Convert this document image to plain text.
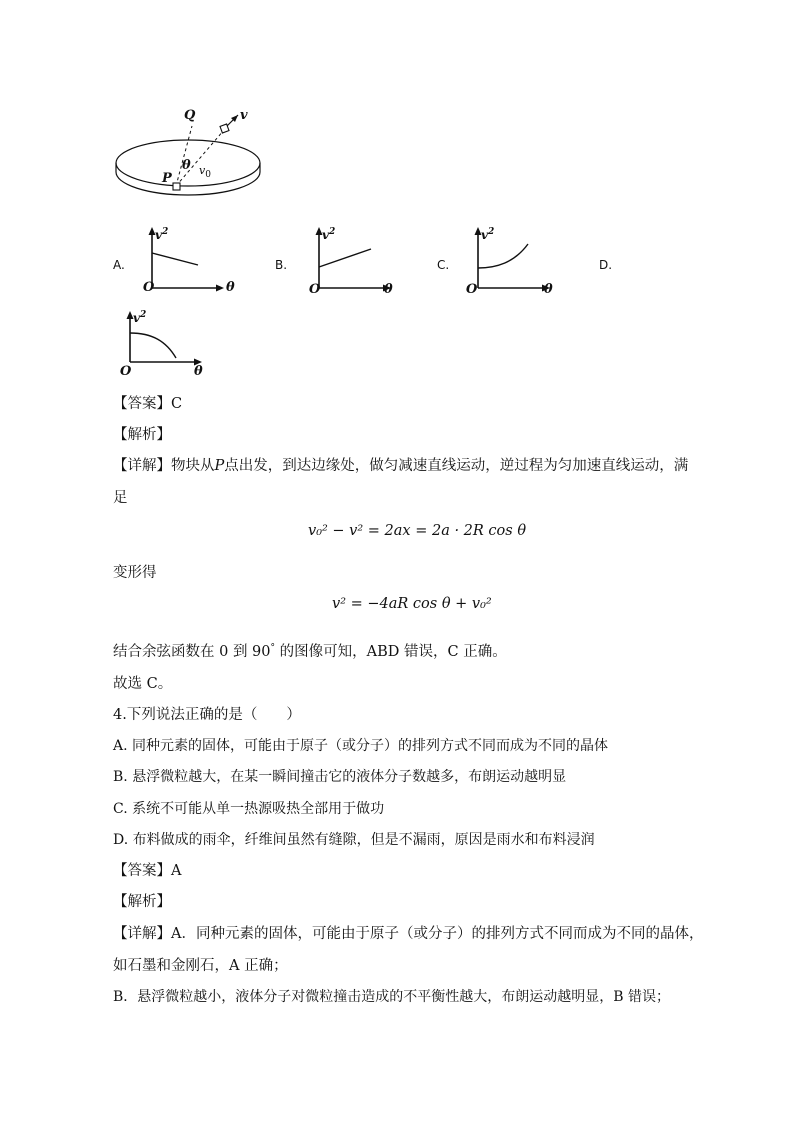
Q	v
θ $v_0$
P
A.
$v^2$
O	θ
B.
$v^2$
O	θ
C.
$v^2$
O	θ
D.
$v^2$
O	θ
【答案】C
【解析】
【详解】物块从P点出发，到达边缘处，做匀减速直线运动，逆过程为匀加速直线运动，满
足
v₀² − v² = 2ax = 2a · 2R cos θ
变形得
v² = −4aR cos θ + v₀²
结合余弦函数在 0 到 90° 的图像可知，ABD 错误，C 正确。
故选 C。
4.下列说法正确的是（　　）
A. 同种元素的固体，可能由于原子（或分子）的排列方式不同而成为不同的晶体
B. 悬浮微粒越大，在某一瞬间撞击它的液体分子数越多，布朗运动越明显
C. 系统不可能从单一热源吸热全部用于做功
D. 布料做成的雨伞，纤维间虽然有缝隙，但是不漏雨，原因是雨水和布料浸润
【答案】A
【解析】
【详解】A．同种元素的固体，可能由于原子（或分子）的排列方式不同而成为不同的晶体，
如石墨和金刚石，A 正确；
B．悬浮微粒越小，液体分子对微粒撞击造成的不平衡性越大，布朗运动越明显，B 错误；
